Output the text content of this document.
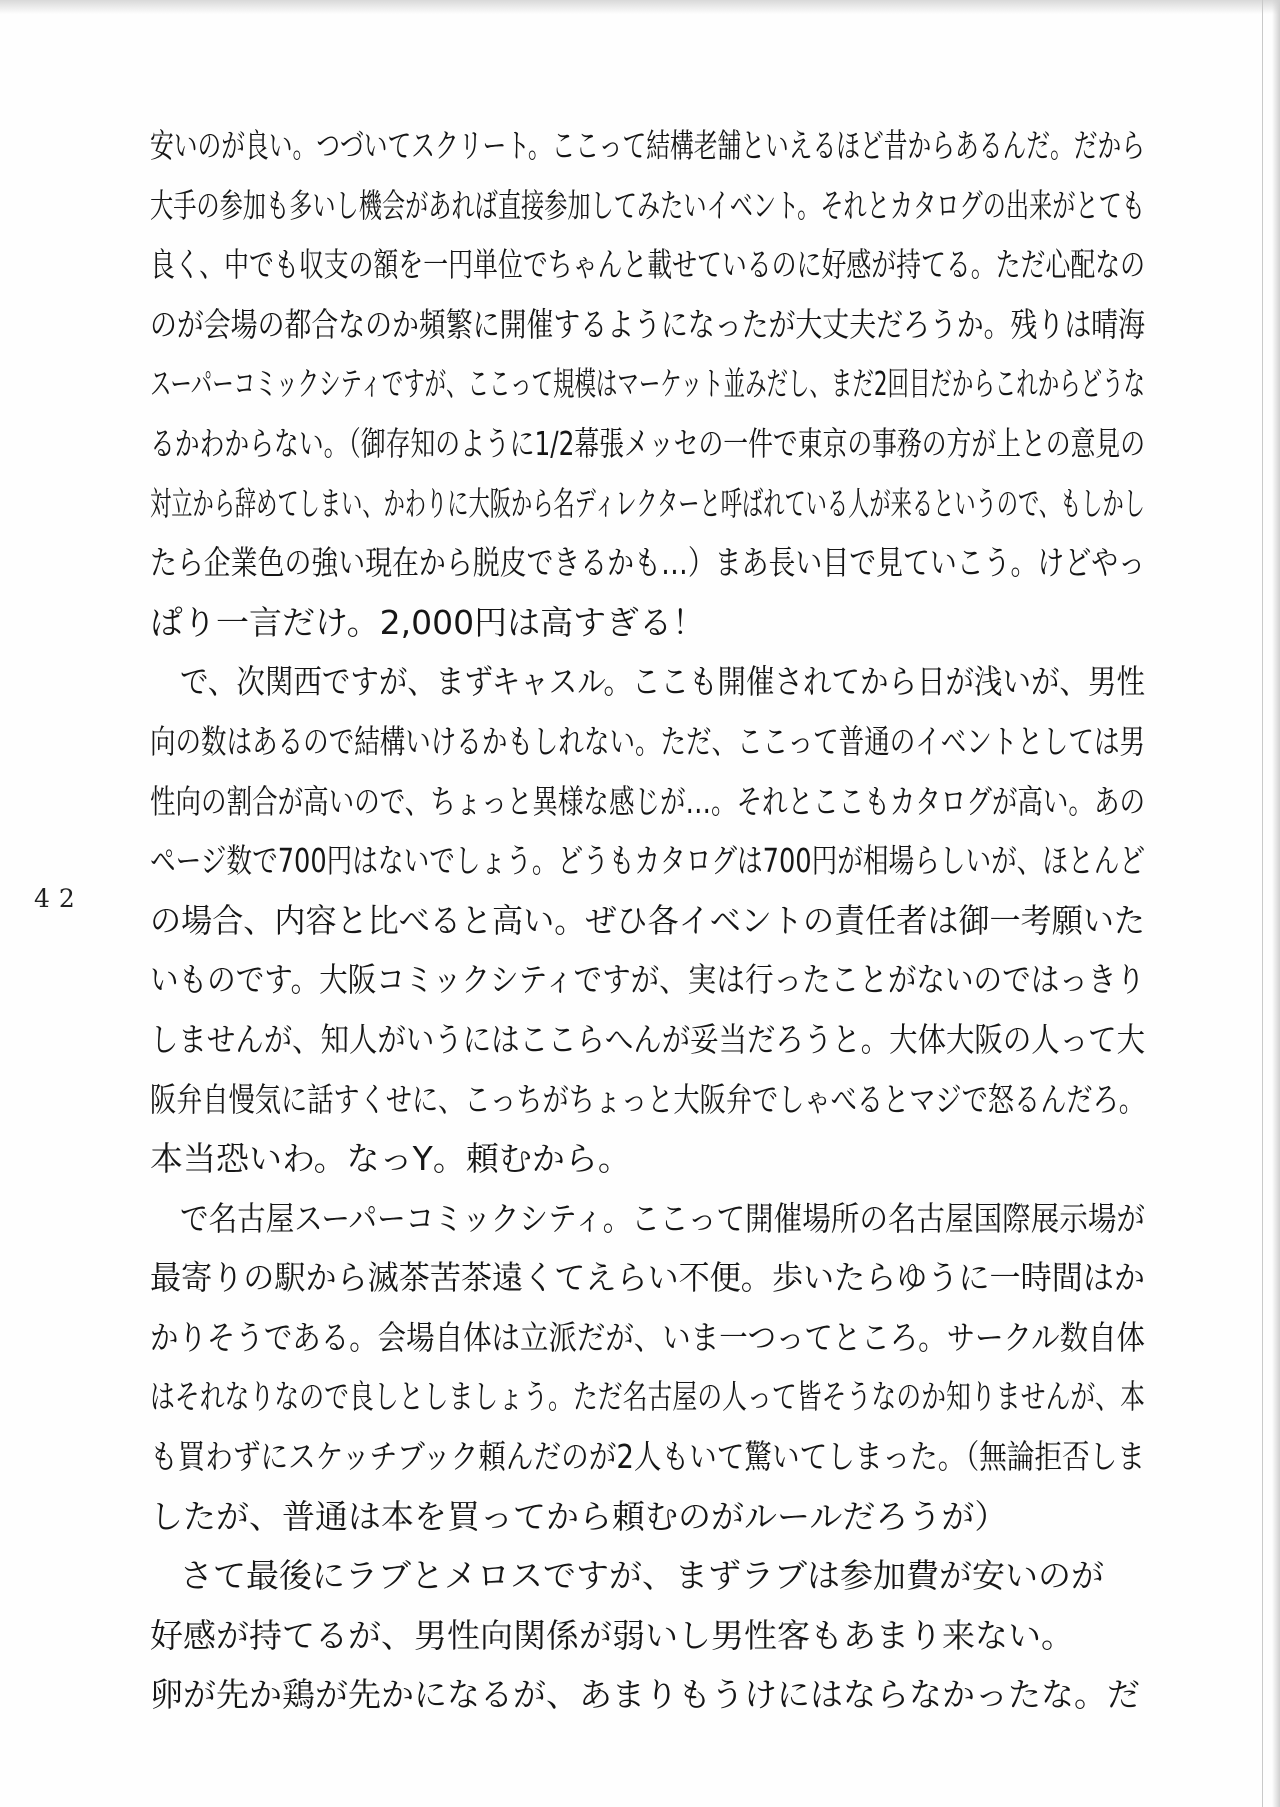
42
安いのが良い。つづいてスクリート。ここって結構老舗といえるほど昔からあるんだ。だから
大手の参加も多いし機会があれば直接参加してみたいイベント。それとカタログの出来がとても
良く、中でも収支の額を一円単位でちゃんと載せているのに好感が持てる。ただ心配なの
のが会場の都合なのか頻繁に開催するようになったが大丈夫だろうか。残りは晴海
スーパーコミックシティですが、ここって規模はマーケット並みだし、まだ2回目だからこれからどうな
るかわからない。（御存知のように1/2幕張メッセの一件で東京の事務の方が上との意見の
対立から辞めてしまい、かわりに大阪から名ディレクターと呼ばれている人が来るというので、もしかし
たら企業色の強い現在から脱皮できるかも…）まあ長い目で見ていこう。けどやっ
ぱり一言だけ。2,000円は高すぎる！
で、次関西ですが、まずキャスル。ここも開催されてから日が浅いが、男性
向の数はあるので結構いけるかもしれない。ただ、ここって普通のイベントとしては男
性向の割合が高いので、ちょっと異様な感じが…。それとここもカタログが高い。あの
ページ数で700円はないでしょう。どうもカタログは700円が相場らしいが、ほとんど
の場合、内容と比べると高い。ぜひ各イベントの責任者は御一考願いた
いものです。大阪コミックシティですが、実は行ったことがないのではっきり
しませんが、知人がいうにはここらへんが妥当だろうと。大体大阪の人って大
阪弁自慢気に話すくせに、こっちがちょっと大阪弁でしゃべるとマジで怒るんだろ。
本当恐いわ。なっY。頼むから。
で名古屋スーパーコミックシティ。ここって開催場所の名古屋国際展示場が
最寄りの駅から滅茶苦茶遠くてえらい不便。歩いたらゆうに一時間はか
かりそうである。会場自体は立派だが、いま一つってところ。サークル数自体
はそれなりなので良しとしましょう。ただ名古屋の人って皆そうなのか知りませんが、本
も買わずにスケッチブック頼んだのが2人もいて驚いてしまった。（無論拒否しま
したが、普通は本を買ってから頼むのがルールだろうが）
さて最後にラブとメロスですが、まずラブは参加費が安いのが
好感が持てるが、男性向関係が弱いし男性客もあまり来ない。
卵が先か鶏が先かになるが、あまりもうけにはならなかったな。だ
